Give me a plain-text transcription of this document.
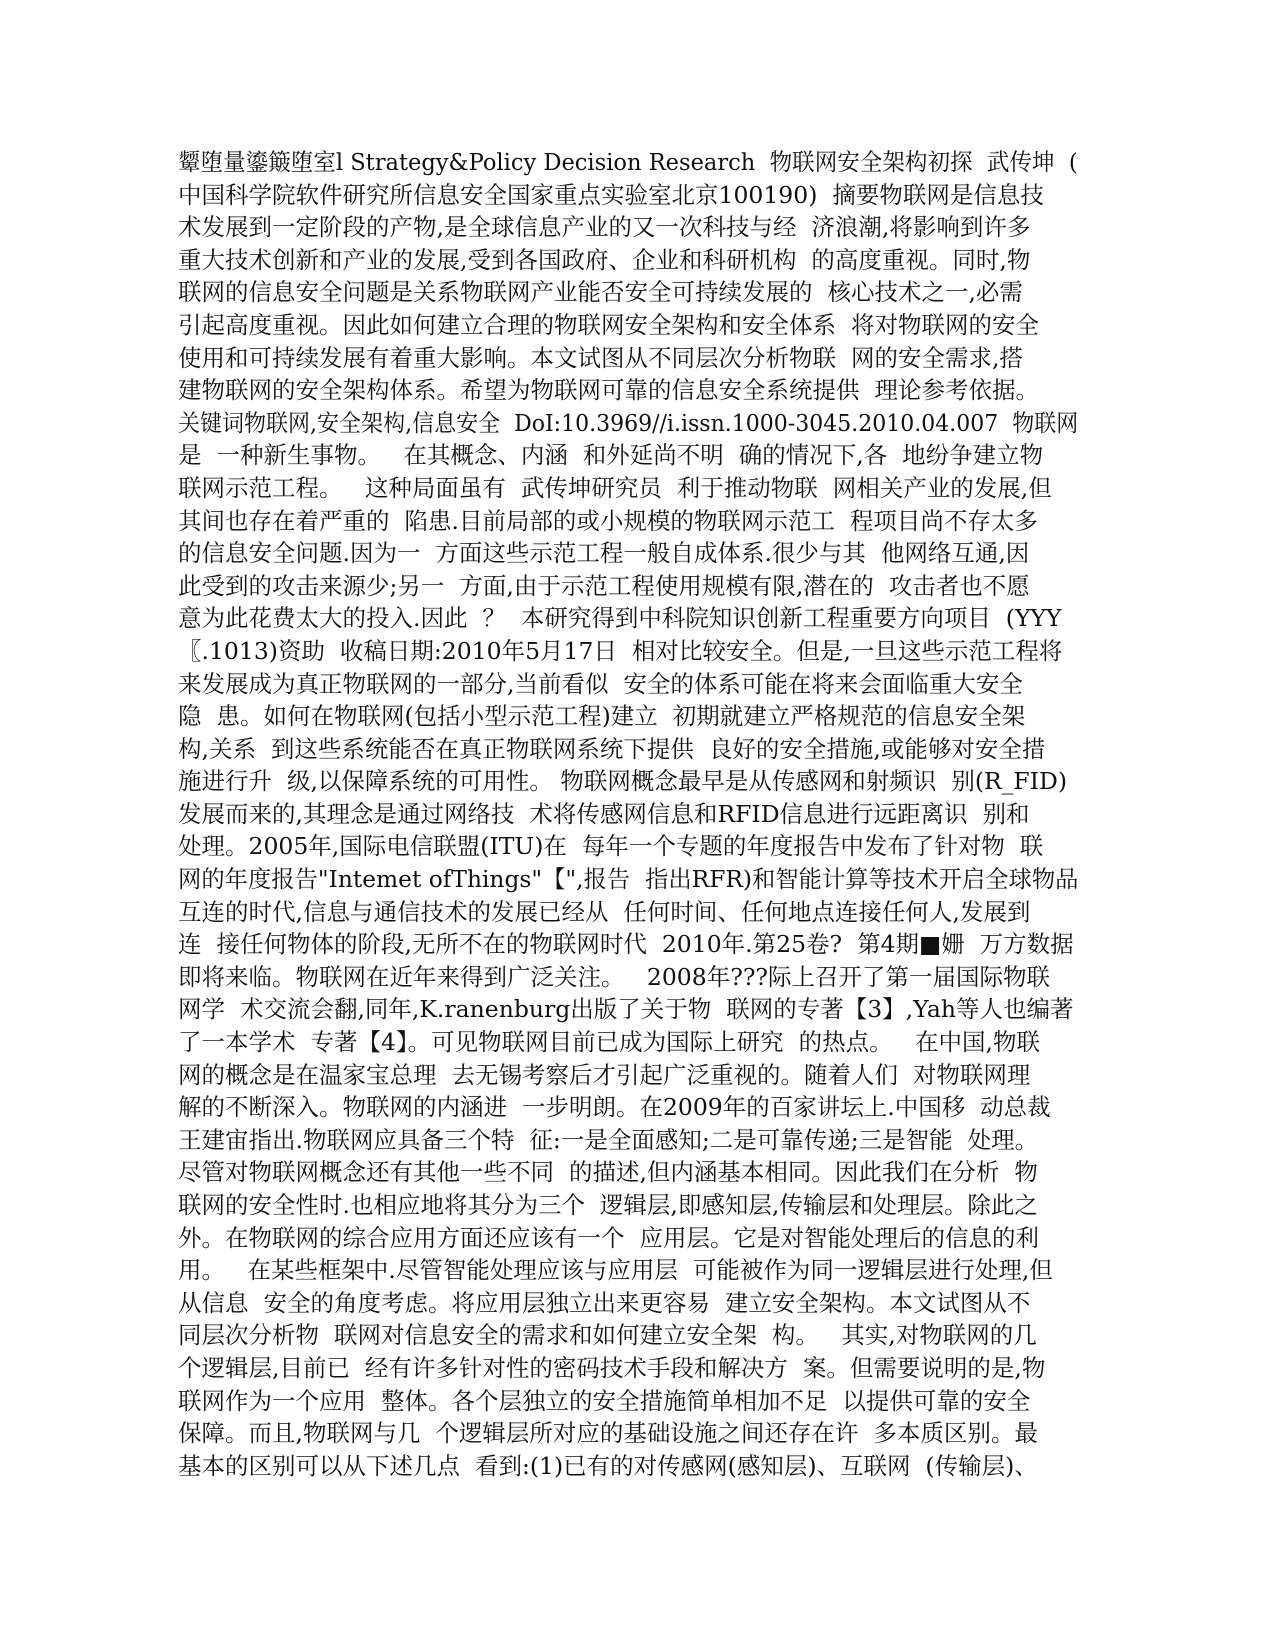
颦堕量鎏簸堕室l Strategy&Policy Decision Research  物联网安全架构初探  武传坤  (
中国科学院软件研究所信息安全国家重点实验室北京100190)  摘要物联网是信息技
术发展到一定阶段的产物,是全球信息产业的又一次科技与经  济浪潮,将影响到许多
重大技术创新和产业的发展,受到各国政府、企业和科研机构  的高度重视。同时,物
联网的信息安全问题是关系物联网产业能否安全可持续发展的  核心技术之一,必需
引起高度重视。因此如何建立合理的物联网安全架构和安全体系  将对物联网的安全
使用和可持续发展有着重大影响。本文试图从不同层次分析物联  网的安全需求,搭
建物联网的安全架构体系。希望为物联网可靠的信息安全系统提供  理论参考依据。
关键词物联网,安全架构,信息安全  DoI:10.3969//i.issn.1000-3045.2010.04.007  物联网
是  一种新生事物。   在其概念、内涵  和外延尚不明  确的情况下,各  地纷争建立物
联网示范工程。   这种局面虽有  武传坤研究员  利于推动物联  网相关产业的发展,但
其间也存在着严重的  陷患.目前局部的或小规模的物联网示范工  程项目尚不存太多
的信息安全问题.因为一  方面这些示范工程一般自成体系.很少与其  他网络互通,因
此受到的攻击来源少;另一  方面,由于示范工程使用规模有限,潜在的  攻击者也不愿
意为此花费太大的投入.因此  ？  本研究得到中科院知识创新工程重要方向项目  (YYY
〖.1013)资助  收稿日期:2010年5月17日  相对比较安全。但是,一旦这些示范工程将
来发展成为真正物联网的一部分,当前看似  安全的体系可能在将来会面临重大安全
隐  患。如何在物联网(包括小型示范工程)建立  初期就建立严格规范的信息安全架
构,关系  到这些系统能否在真正物联网系统下提供  良好的安全措施,或能够对安全措
施进行升  级,以保障系统的可用性。 物联网概念最早是从传感网和射频识  别(R_FID)
发展而来的,其理念是通过网络技  术将传感网信息和RFID信息进行远距离识  别和
处理。2005年,国际电信联盟(ITU)在  每年一个专题的年度报告中发布了针对物  联
网的年度报告"Intemet ofThings"【",报告  指出RFR)和智能计算等技术开启全球物品
互连的时代,信息与通信技术的发展已经从  任何时间、任何地点连接任何人,发展到
连  接任何物体的阶段,无所不在的物联网时代  2010年.第25卷?  第4期■姗  万方数据
即将来临。物联网在近年来得到广泛关注。   2008年???际上召开了第一届国际物联
网学  术交流会翻,同年,K.ranenburg出版了关于物  联网的专著【3】,Yah等人也编著
了一本学术  专著【4】。可见物联网目前已成为国际上研究  的热点。   在中国,物联
网的概念是在温家宝总理  去无锡考察后才引起广泛重视的。随着人们  对物联网理
解的不断深入。物联网的内涵进  一步明朗。在2009年的百家讲坛上.中国移  动总裁
王建宙指出.物联网应具备三个特  征:一是全面感知;二是可靠传递;三是智能  处理。
尽管对物联网概念还有其他一些不同  的描述,但内涵基本相同。因此我们在分析  物
联网的安全性时.也相应地将其分为三个  逻辑层,即感知层,传输层和处理层。除此之
外。在物联网的综合应用方面还应该有一个  应用层。它是对智能处理后的信息的利
用。   在某些框架中.尽管智能处理应该与应用层  可能被作为同一逻辑层进行处理,但
从信息  安全的角度考虑。将应用层独立出来更容易  建立安全架构。本文试图从不
同层次分析物  联网对信息安全的需求和如何建立安全架  构。   其实,对物联网的几
个逻辑层,目前已  经有许多针对性的密码技术手段和解决方  案。但需要说明的是,物
联网作为一个应用  整体。各个层独立的安全措施简单相加不足  以提供可靠的安全
保障。而且,物联网与几  个逻辑层所对应的基础设施之间还存在许  多本质区别。最
基本的区别可以从下述几点  看到:(1)已有的对传感网(感知层)、互联网  (传输层)、
